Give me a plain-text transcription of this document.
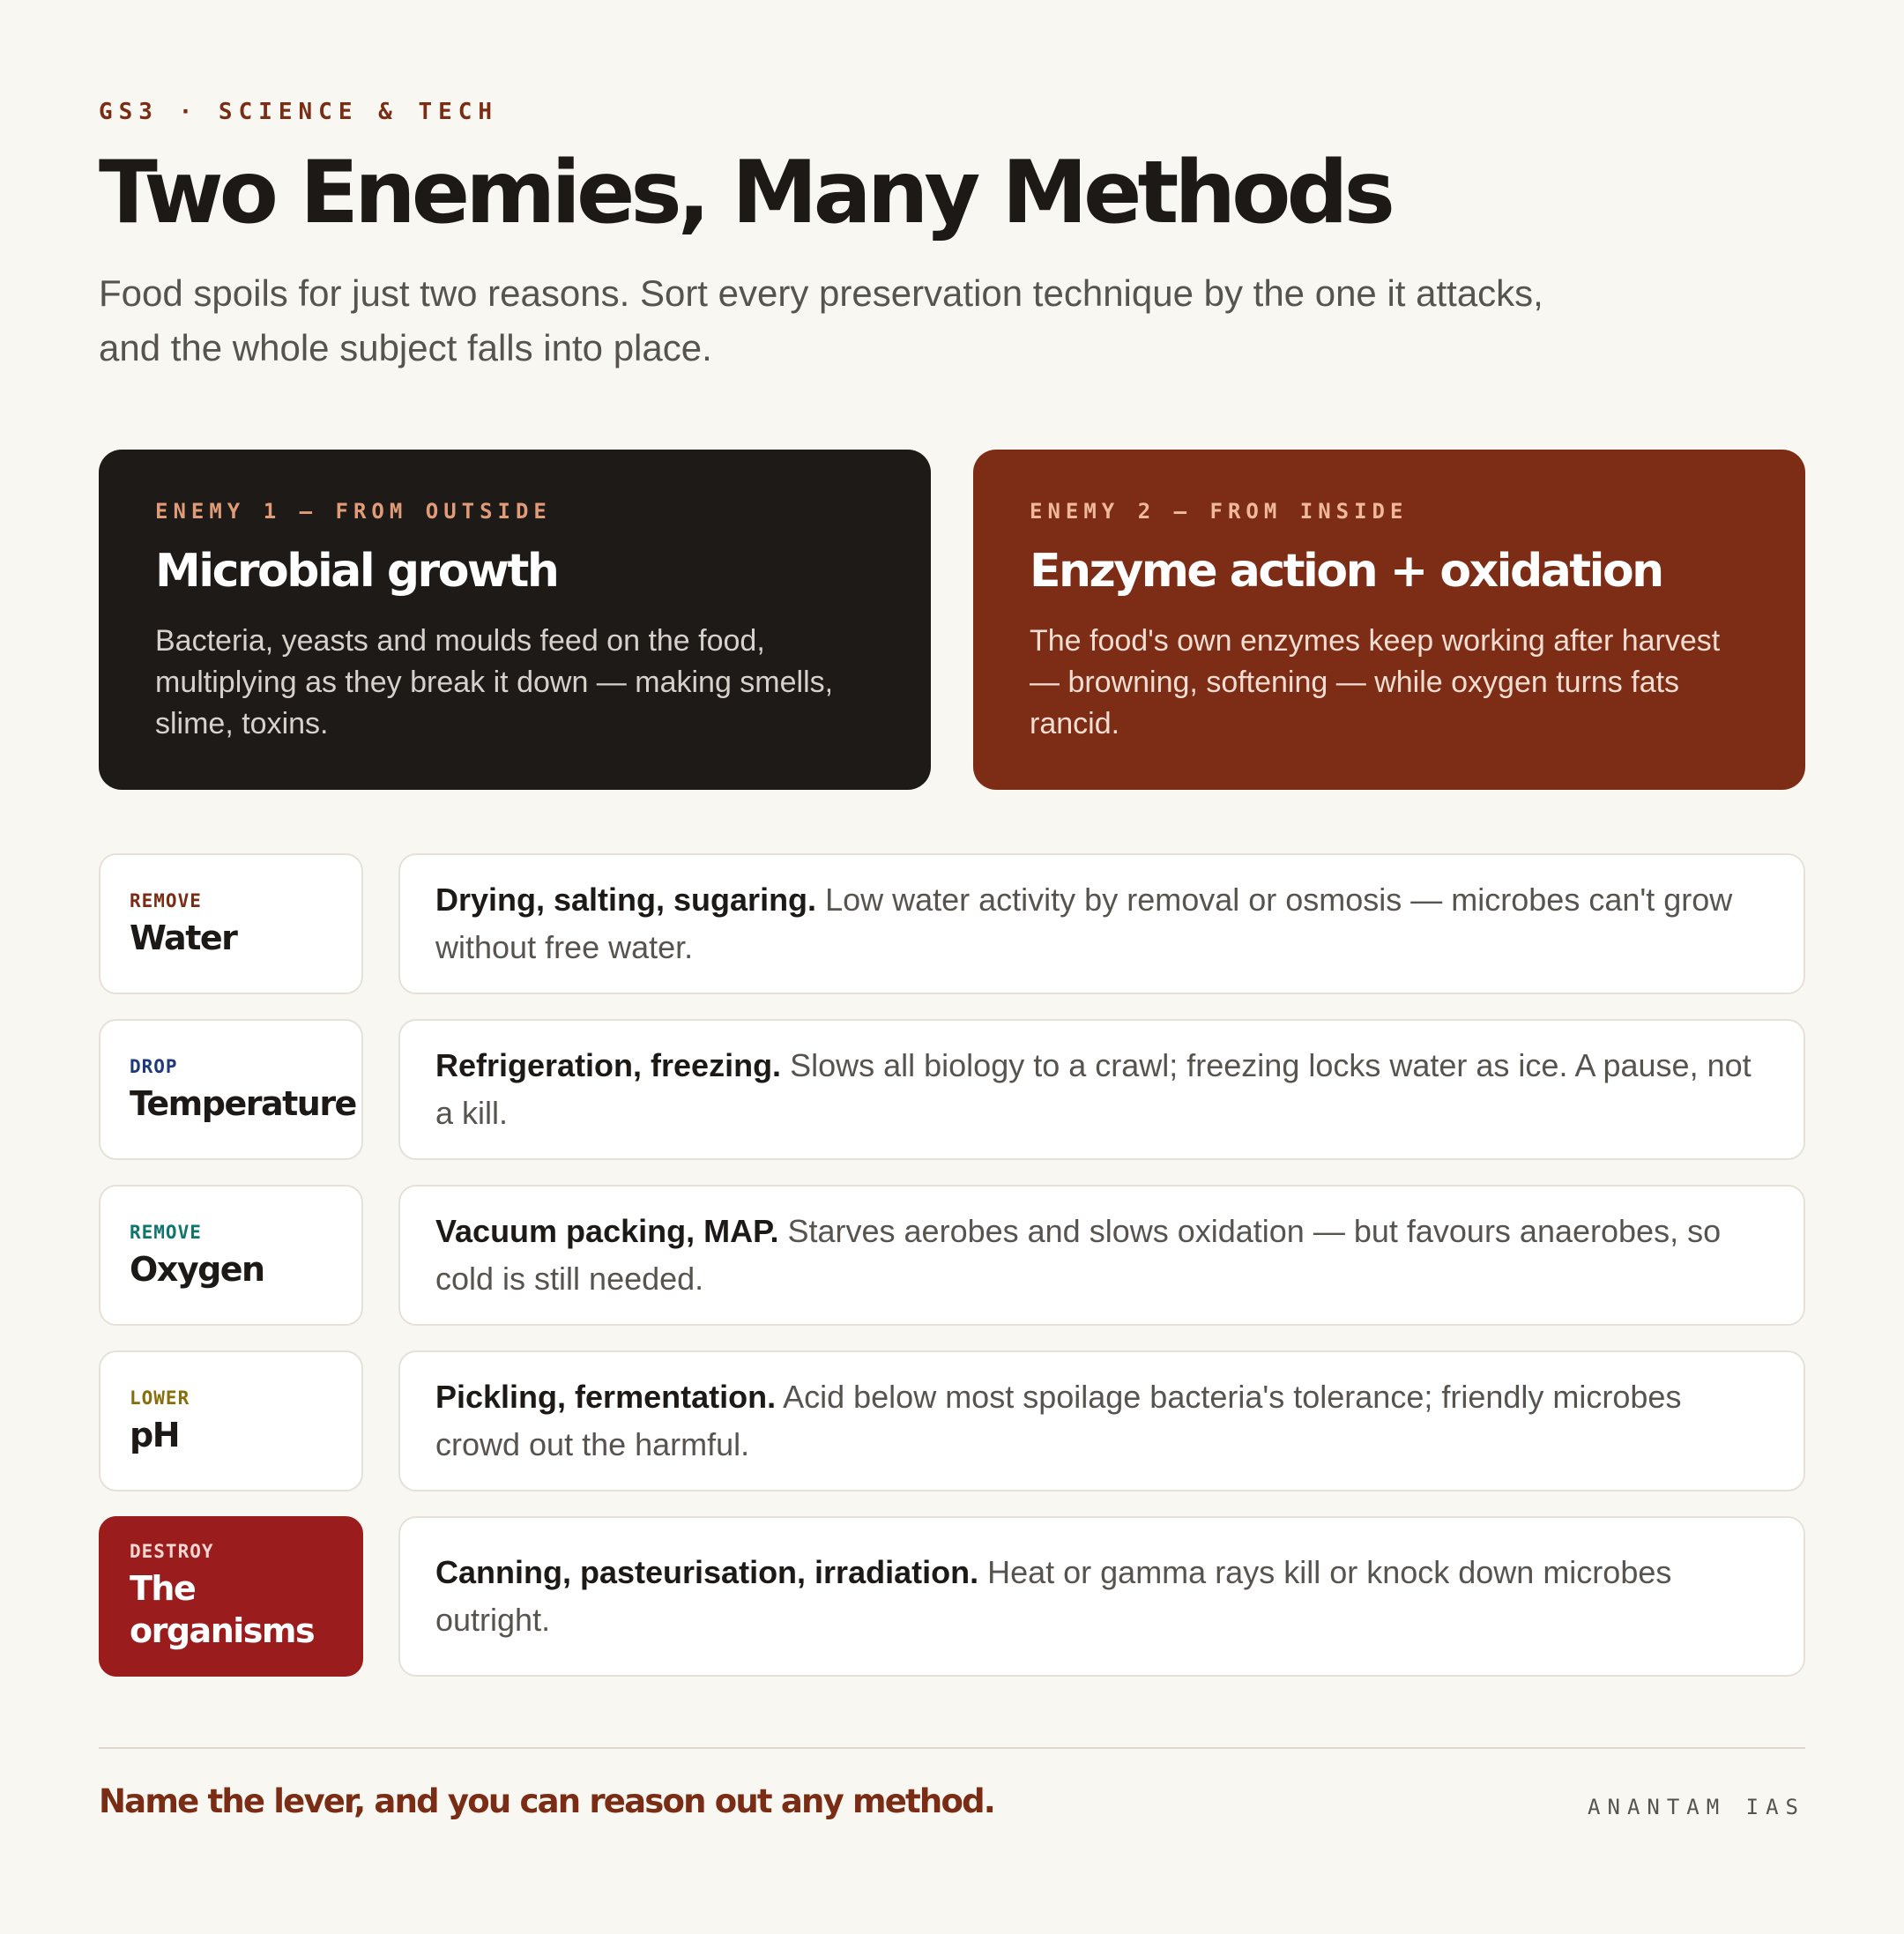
GS3 · SCIENCE & TECH
Two Enemies, Many Methods

Food spoils for just two reasons. Sort every preservation technique by the one it attacks, and the whole subject falls into place.

ENEMY 1 — FROM OUTSIDE
Microbial growth
Bacteria, yeasts and moulds feed on the food, multiplying as they break it down — making smells, slime, toxins.
ENEMY 2 — FROM INSIDE
Enzyme action + oxidation
The food's own enzymes keep working after harvest — browning, softening — while oxygen turns fats rancid.
REMOVE
Water

Drying, salting, sugaring. Low water activity by removal or osmosis — microbes can't grow without free water.

DROP
Temperature

Refrigeration, freezing. Slows all biology to a crawl; freezing locks water as ice. A pause, not a kill.

REMOVE
Oxygen

Vacuum packing, MAP. Starves aerobes and slows oxidation — but favours anaerobes, so cold is still needed.

LOWER
pH

Pickling, fermentation. Acid below most spoilage bacteria's tolerance; friendly microbes crowd out the harmful.

DESTROY
The organisms

Canning, pasteurisation, irradiation. Heat or gamma rays kill or knock down microbes outright.

Name the lever, and you can reason out any method.	ANANTAM IAS
